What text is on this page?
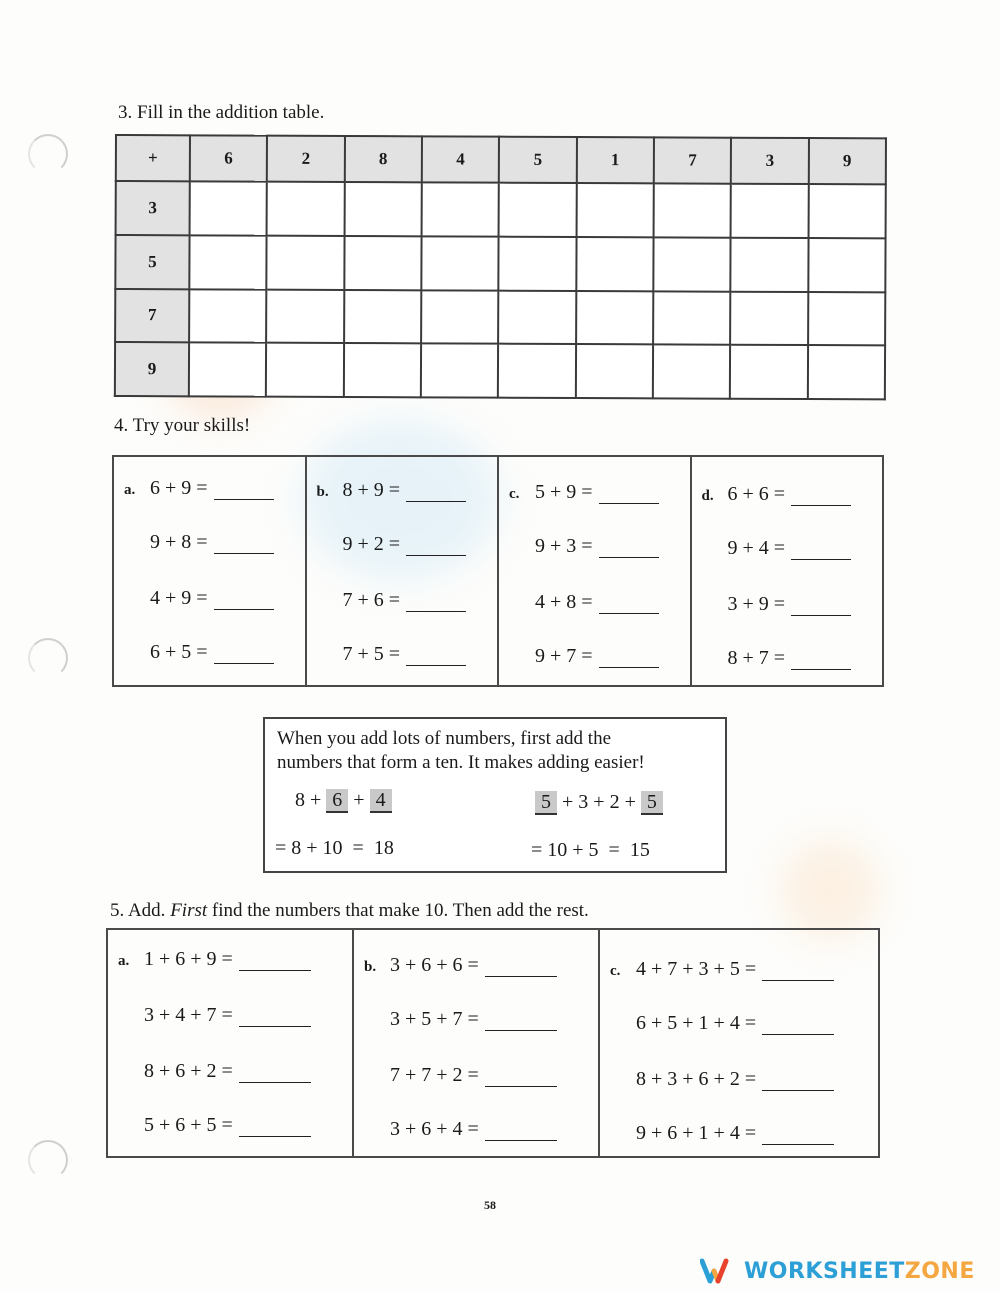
3. Fill in the addition table.
+	6	2	8	4	5	1	7	3	9
3									
5									
7									
9									
4. Try your skills!
a. 6 + 9 =
9 + 8 =
4 + 9 =
6 + 5 =
b. 8 + 9 =
9 + 2 =
7 + 6 =
7 + 5 =
c. 5 + 9 =
9 + 3 =
4 + 8 =
9 + 7 =
d. 6 + 6 =
9 + 4 =
3 + 9 =
8 + 7 =
When you add lots of numbers, first add the
numbers that form a ten. It makes adding easier!
8 + 6 + 4
= 8 + 10  =  18
5 + 3 + 2 + 5
= 10 + 5  =  15
5. Add. First find the numbers that make 10. Then add the rest.
a. 1 + 6 + 9 =
3 + 4 + 7 =
8 + 6 + 2 =
5 + 6 + 5 =
b. 3 + 6 + 6 =
3 + 5 + 7 =
7 + 7 + 2 =
3 + 6 + 4 =
c. 4 + 7 + 3 + 5 =
6 + 5 + 1 + 4 =
8 + 3 + 6 + 2 =
9 + 6 + 1 + 4 =
58
WORKSHEET ZONE
